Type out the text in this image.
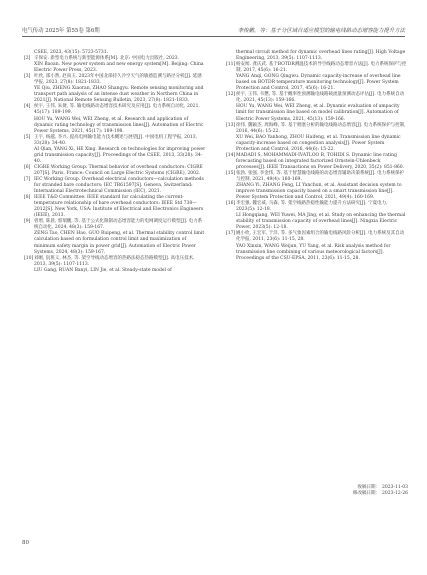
电气传动 2025年 第55卷 第6期	李俊鹏，等：基于分区域自适应模型的输电线路动态增容能力提升方法
CSEE, 2023, 43(15): 5723-5731.
[2] 辛保安. 新型电力系统与新型能源体系[M]. 北京: 中国电力出版社, 2023.
XIN Baoan. New power system and new energy system[M]. Beijing: China Electric Power Press, 2023.
[3] 叶欣, 邵小然, 赵尚玉. 2023年中国北部持久冷空天气的敏感监测与路径分析[J]. 延感学报, 2023, 27(8): 1821-1833.
YE Qiu, ZHENG Xiaoran, ZHAO Shangyu. Remote sensing monitoring and transport path analysis of an intense dust weather in Northern China in 2021[J]. National Remote Sensing Bulletin, 2023, 27(8): 1821-1833.
[4] 侯宇, 王伟, 朱捷, 等. 输电线路动态增容技术研究及应用[J]. 电力系统自动化, 2021, 45(17): 189-199.
HOU Yu, WANG Wei, WEI Zheng, et al. Research and application of dynamic rating technology of transmission lines[J]. Automation of Electric Power Systems, 2021, 45(17): 189-198.
[5] 王宇, 杨越, 李兴. 提高电网输电能力技术概述与展望[J]. 中国电机工程学报, 2013, 33(28): 34-40.
AI Qian, YANG Xi, HE Xing. Research on technologies for improving power grid transmission capacity[J]. Proceedings of the CSEE, 2013, 33(28): 34-40.
[6] CIGRE Working Group. Thermal behavior of overhead conductors: CIGRE 207[S]. Paris, France: Council on Large Electric Systems (CIGRE), 2002.
[7] IEC Working Group. Overhead electrical conductors—calculation methods for stranded bare conductors: IEC TR61597[S]. Geneva, Switzerland: International Electrotechnical Commission (IEC), 2021.
[8] IEEE T&D Committee. IEEE standard for calculating the current-temperature relationship of bare overhead conductors: IEEE Std 738—2012[S]. New York, USA: Institute of Electrical and Electronics Engineers (IEEE), 2013.
[9] 曾增, 陈晨, 郭瑞鹏, 等. 基于公式化限制动态增容能力的电网调度运行模型[J]. 电力系统自动化, 2024, 48(3): 159-167.
ZENG Tao, CHEN Hao, GUO Ruipeng, et al. Thermal stability control limit calculation based on formulation control limit and maximization of minimum safety margin in power grid[J]. Automation of Electric Power Systems, 2024, 48(3): 159-167.
[10]刘刚, 阮班义, 林杰, 等. 架空导线动态增容的热路法稳态热路模型[J]. 高电压技术, 2013, 39(5): 1107-1113.
LIU Gang, RUAN Banyi, LIN Jie, et al. Steady-state model of
thermal circuit method for dynamic overhead lines rating[J]. High Voltage Engineering, 2013, 39(5): 1107-1113.
[11]杨安闻, 龚庆武. 基于BOTDR测温技术的导空线路动态增容方法[J]. 电力系统保护与控制, 2017, 45(6): 16-21.
YANG Anqi, GONG Qingwu. Dynamic capacity-increase of overhead line based on BOTDR temperature monitoring technology[J]. Power System Protection and Control, 2017, 45(6): 16-21.
[12]侯宇, 王伟, 韦懋, 等. 基于概率性预测输电线路载流量预测动态评估[J]. 电力系统自动化, 2021, 45(13): 159-166.
HOU Yu, WANG Wei, WEI Zheng, et al. Dynamic evaluation of ampacity limit for transmission line based on model calibration[J]. Automation of Electric Power Systems, 2021, 45(13): 159-166.
[13]徐伟, 魏颖杰, 周海峰, 等. 基于拥塞分析的输电线路动态增容[J]. 电力系统保护与控制, 2016, 44(6): 15-22.
XU Wei, BAO Yanhong, ZHOU Haifeng, et al. Transmission line dynamic capacity-increase based on congestion analysis[J]. Power System Protection and Control, 2016, 44(6): 15-22.
[14]MADADI S, MOHAMMADI-IVATLOO B, TOHIDI S. Dynamic line rating forecasting based on integrated factorized Ornstein-Uhlenbeck processes[J]. IEEE Transactions on Power Delivery, 2020, 35(2): 851-860.
[15]张勃, 张强, 李金伟, 等. 基于智慧输电线路的动态增容辅助决策系统[J]. 电力系统保护与控制, 2021, 49(4): 160-169.
ZHANG Yi, ZHANG Feng, LI Yanchun, et al. Assistant decision system to improve transmission capacity based on a smart transmission line[J]. Power System Protection and Control, 2021, 49(4): 160-169.
[16]李宏强, 魏宏威, 马森, 等. 架空线路热稳性输能力提升方法研究[J]. 宁夏电力, 2023(5): 12-18.
LI Hongqiang, WEI Yuwei, MA Jing, et al. Study on enhancing the thermal stability of transmission capacity of overhead lines[J]. Ningxia Electric Power, 2023(5): 12-18.
[17]姚小欣, 王宏军, 于洋, 等. 多气象因素组合的输电线路风险分析[J]. 电力系统及其自动化学报, 2011, 23(6): 11-15, 28.
YAO Xinxin, WANG Weijun, YU Yang, et al. Risk analysis method for transmission line combining of various meteorological factors[J]. Proceedings of the CSU-EPSA, 2011, 23(6): 11-15, 28.
收稿日期： 2023-11-03
修改稿日期： 2023-12-26
80
